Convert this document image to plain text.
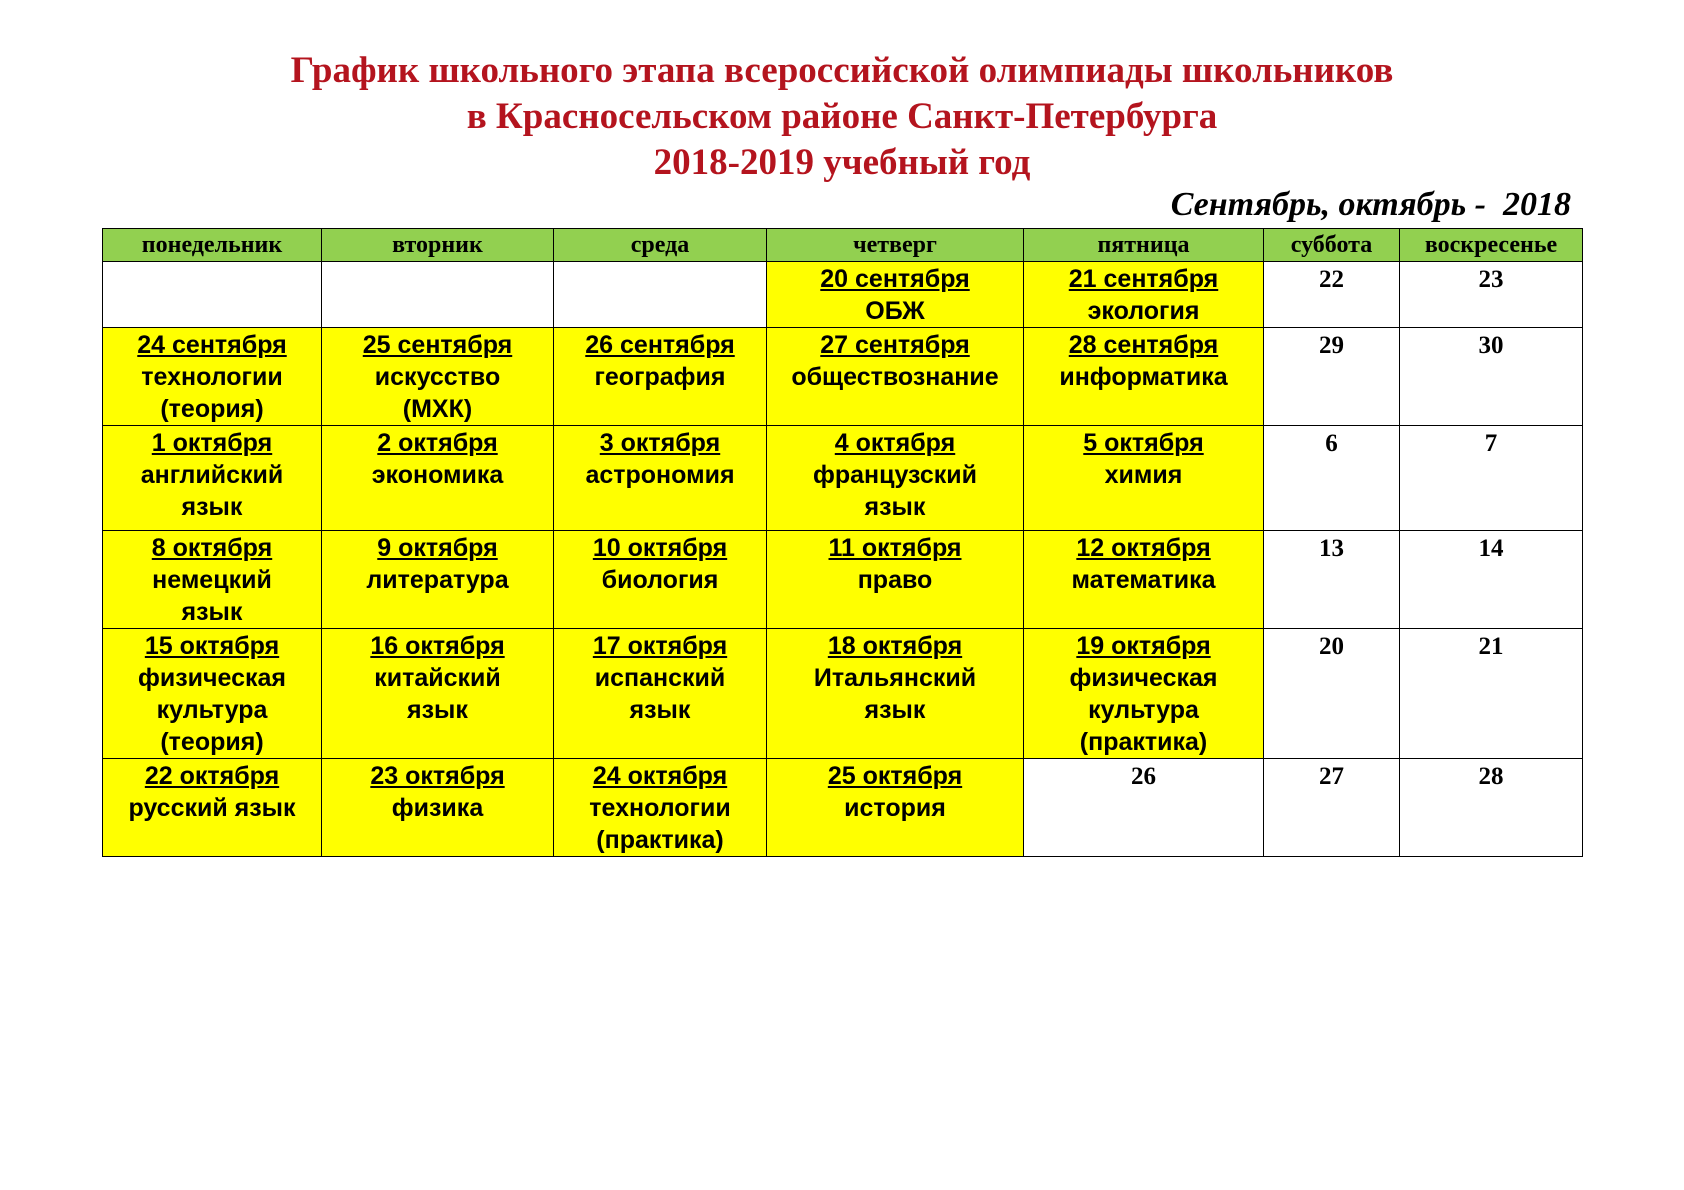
График школьного этапа всероссийской олимпиады школьников
в Красносельском районе Санкт-Петербурга
2018-2019 учебный год
Сентябрь, октябрь -  2018
понедельник	вторник	среда	четверг	пятница	суббота	воскресенье

			20 сентября
ОБЖ	21 сентября
экология	22	23

24 сентября
технологии
(теория)	25 сентября
искусство
(МХК)	26 сентября
география	27 сентября
обществознание	28 сентября
информатика	29	30

1 октября
английский
язык	2 октября
экономика	3 октября
астрономия	4 октября
французский
язык	5 октября
химия	6	7

8 октября
немецкий
язык	9 октября
литература	10 октября
биология	11 октября
право	12 октября
математика	13	14

15 октября
физическая
культура
(теория)	16 октября
китайский
язык	17 октября
испанский
язык	18 октября
Итальянский
язык	19 октября
физическая
культура
(практика)	20	21

22 октября
русский язык	23 октября
физика	24 октября
технологии
(практика)	25 октября
история	26	27	28
